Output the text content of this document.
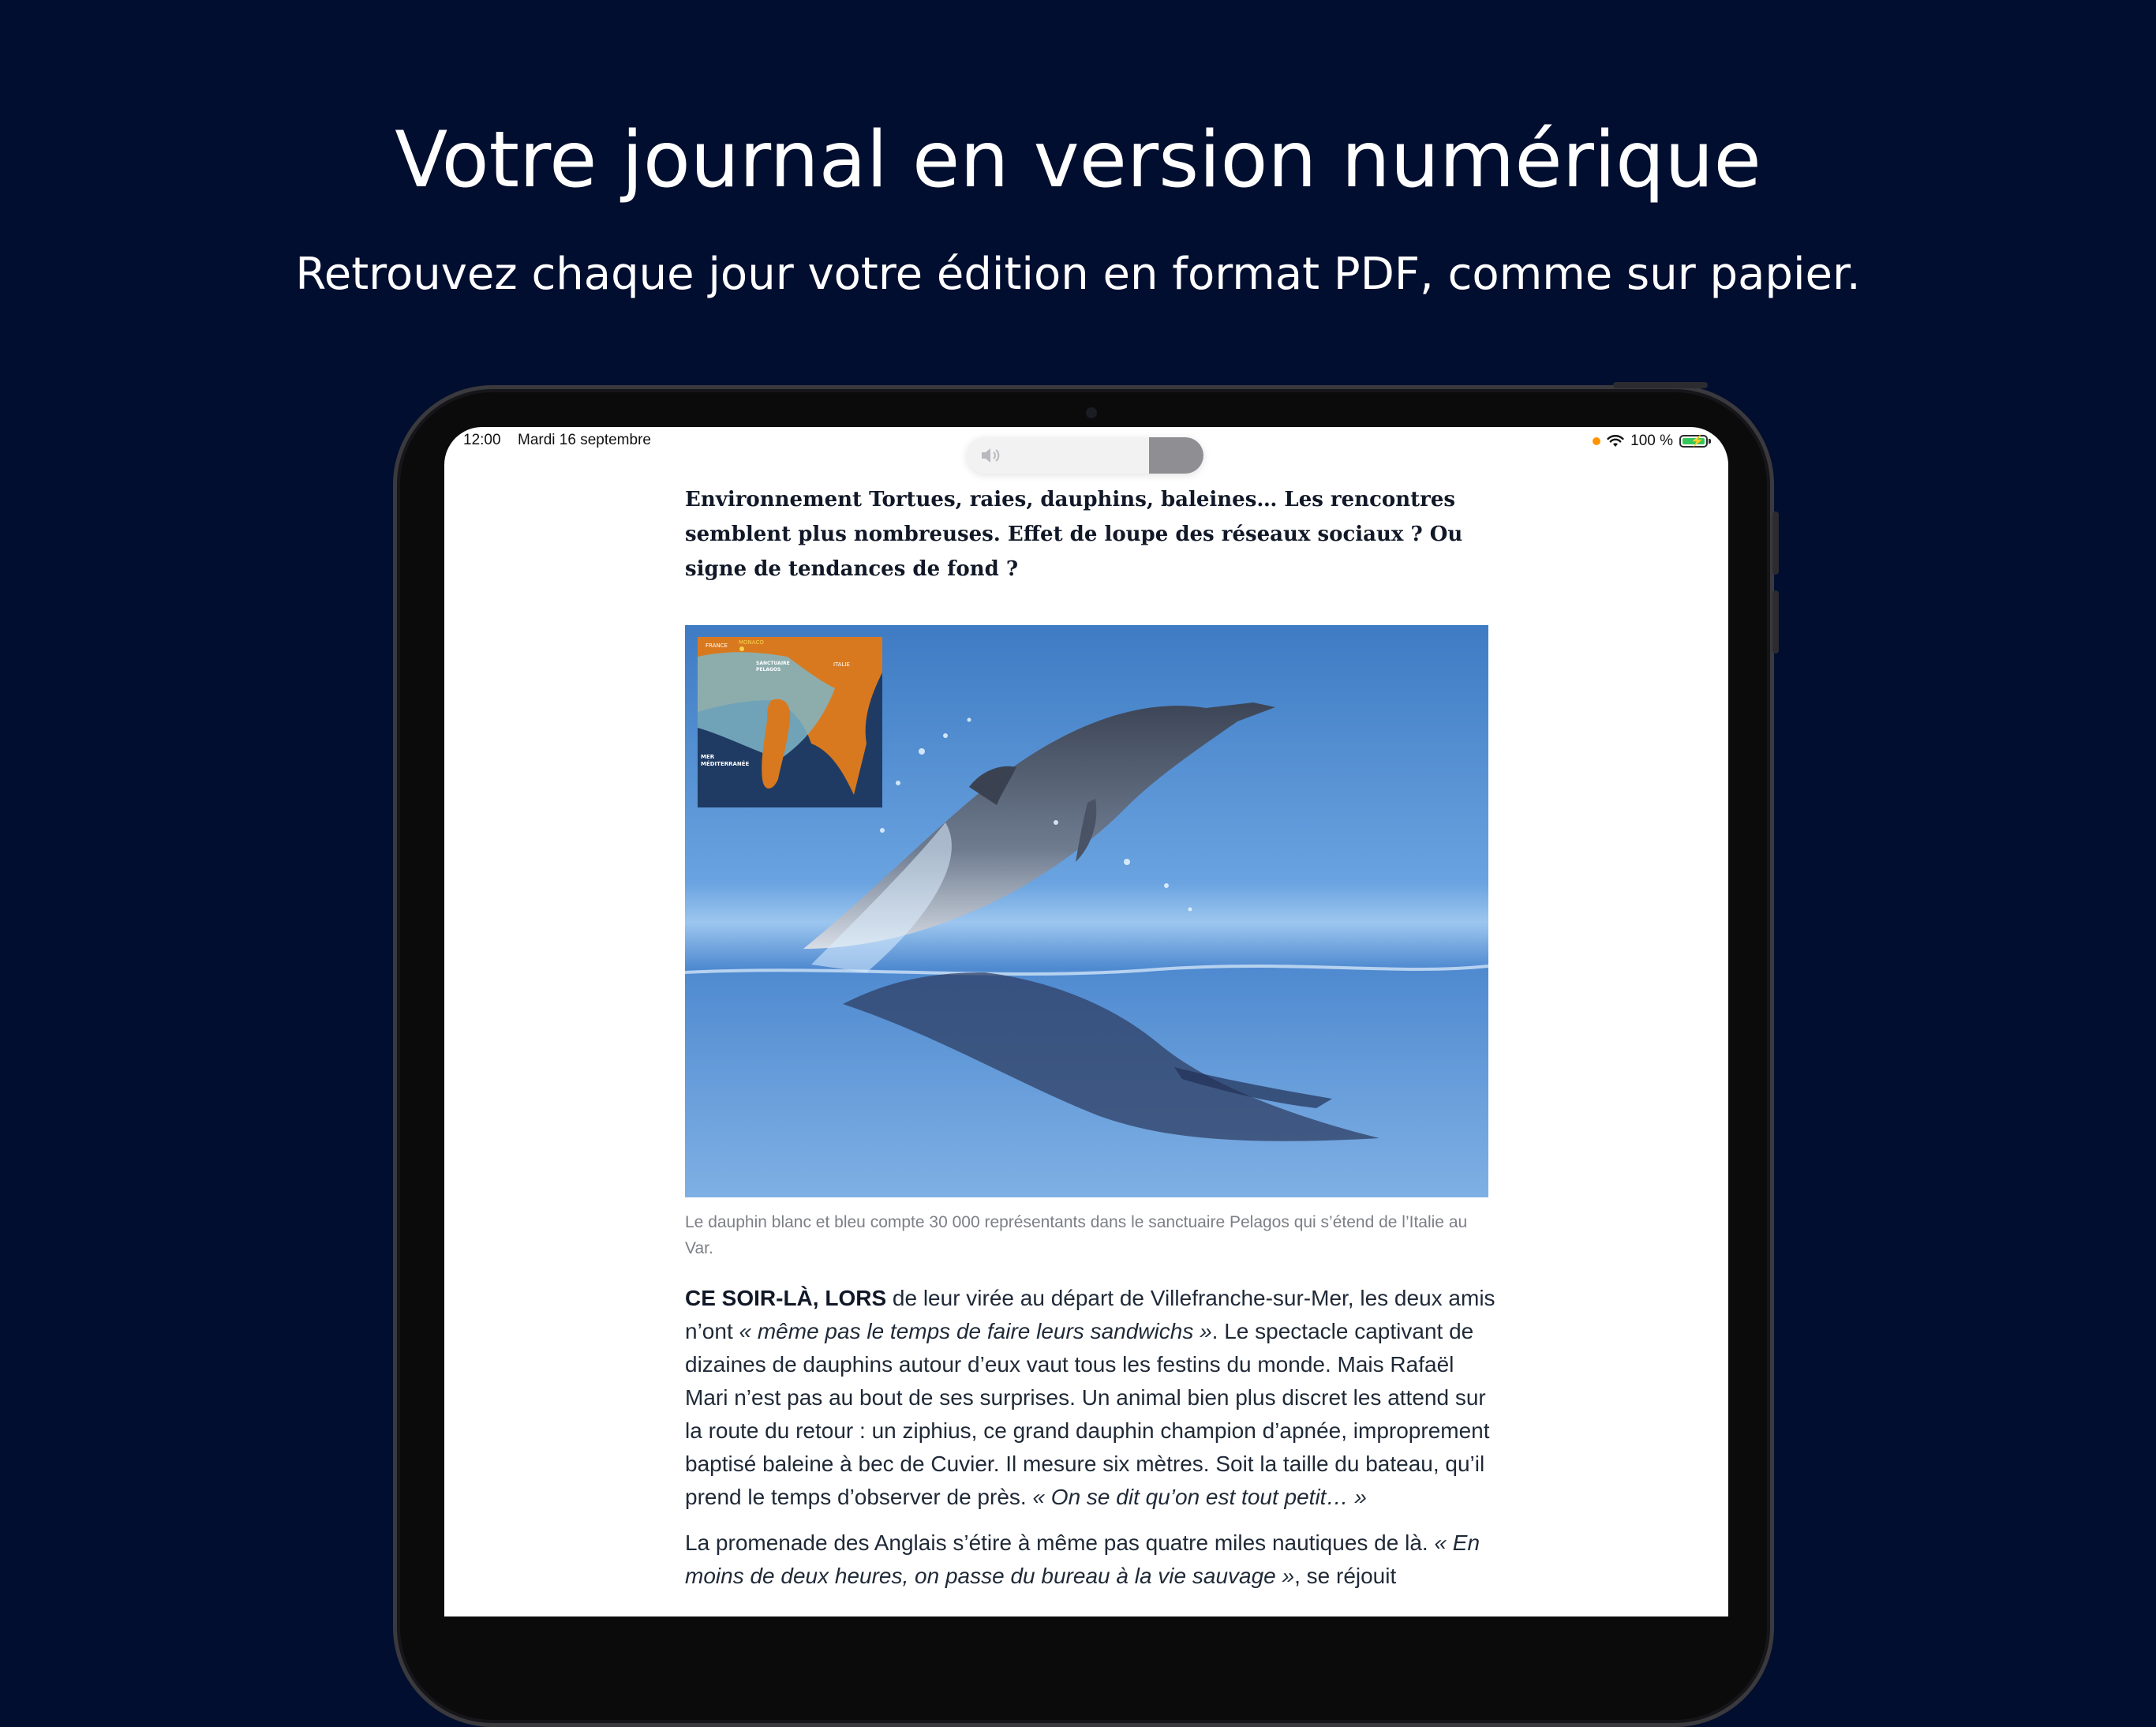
Votre journal en version numérique
Retrouvez chaque jour votre édition en format PDF, comme sur papier.
12:00 Mardi 16 septembre	100 % ⚡
Environnement Tortues, raies, dauphins, baleines… Les rencontres semblent plus nombreuses. Effet de loupe des réseaux sociaux ? Ou signe de tendances de fond ?
FRANCE MONACO
SANCTUAIRE
PELAGOS
ITALIE
MER
MÉDITERRANÉE
Le dauphin blanc et bleu compte 30 000 représentants dans le sanctuaire Pelagos qui s’étend de l’Italie au Var.

CE SOIR-LÀ, LORS de leur virée au départ de Villefranche-sur-Mer, les deux amis n’ont « même pas le temps de faire leurs sandwichs ». Le spectacle captivant de dizaines de dauphins autour d’eux vaut tous les festins du monde. Mais Rafaël Mari n’est pas au bout de ses surprises. Un animal bien plus discret les attend sur la route du retour : un ziphius, ce grand dauphin champion d’apnée, improprement baptisé baleine à bec de Cuvier. Il mesure six mètres. Soit la taille du bateau, qu’il prend le temps d’observer de près. « On se dit qu’on est tout petit… »

La promenade des Anglais s’étire à même pas quatre miles nautiques de là. « En moins de deux heures, on passe du bureau à la vie sauvage », se réjouit
